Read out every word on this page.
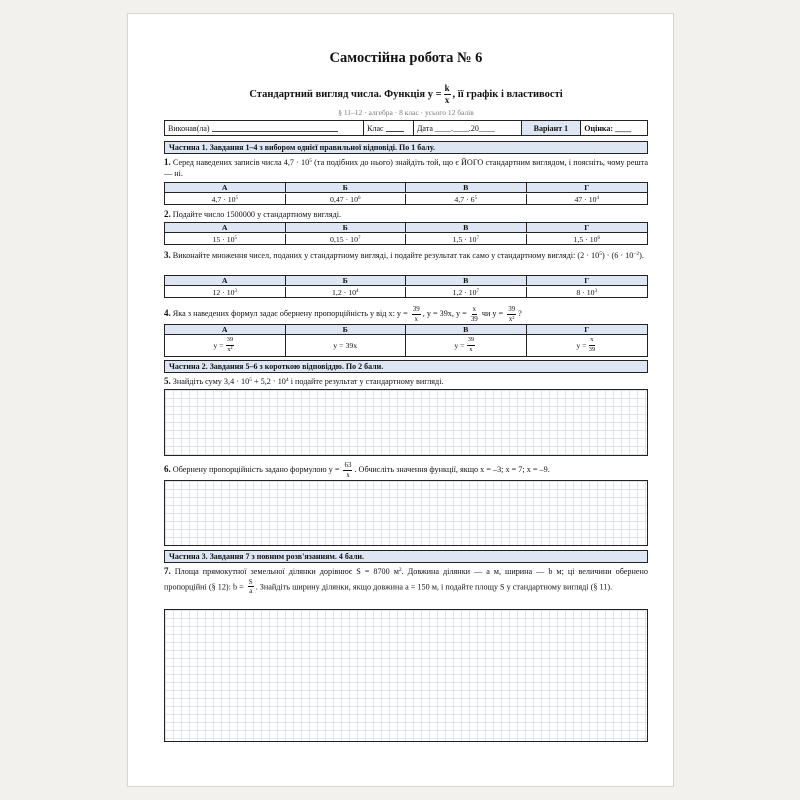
Самостійна робота № 6
Стандартний вигляд числа. Функція $y = \frac{k}{x}$ , її графік і властивості
§ 11–12 · алгебра · 8 клас · усього 12 балів
Виконав(ла)	Клас	Дата ____.____.20____	Варіант 1	Оцінка: ____
Частина 1. Завдання 1–4 з вибором однієї правильної відповіді. По 1 балу.
1. Серед наведених записів числа $4,7 \cdot 10^5$ (та подібних до нього) знайдіть той, що є ЙОГО стандартним виглядом, і поясніть, чому решта — ні.
А	Б	В	Г
4,7 · 10 5	0,47 · 10 6	4,7 · 6 5	47 · 10 4
2. Подайте число 1500000 у стандартному вигляді.
А	Б	В	Г
15 · 10 5	0,15 · 10 7	1,5 · 10 7	1,5 · 10 6
3. Виконайте множення чисел, поданих у стандартному вигляді, і подайте результат так само у стандартному вигляді: $(2 \cdot 10^5) \cdot (6 \cdot 10^{-2})$.
А	Б	В	Г
12 · 10 3	1,2 · 10 4	1,2 · 10 7	8 · 10 3
4. Яка з наведених формул задає обернену пропорційність у від x: $y = \frac{39}{x}$ , y = 39x, $y = \frac{x}{39}$ чи $y = \frac{39}{\text{x²}}$ ?
А	Б	В	Г
$y = \frac{39}{\text{x²}}$	y = 39x	$y = \frac{39}{x}$	$y = \frac{x}{39}$
Частина 2. Завдання 5–6 з короткою відповіддю. По 2 бали.
5. Знайдіть суму $3,4 \cdot 10^5 + 5,2 \cdot 10^4$ і подайте результат у стандартному вигляді.
6. Обернену пропорційність задано формулою $y = \frac{63}{x}$ . Обчисліть значення функції, якщо x = –3; x = 7; x = –9.
Частина 3. Завдання 7 з повним розв'язанням. 4 бали.
7. Площа прямокутної земельної ділянки дорівнює S = 8700 $м^2$. Довжина ділянки — a м, ширина — b м; ці величини обернено пропорційні (§ 12): $b = \frac{S}{a}$ . Знайдіть ширину ділянки, якщо довжина a = 150 м, і подайте площу S у стандартному вигляді (§ 11).
